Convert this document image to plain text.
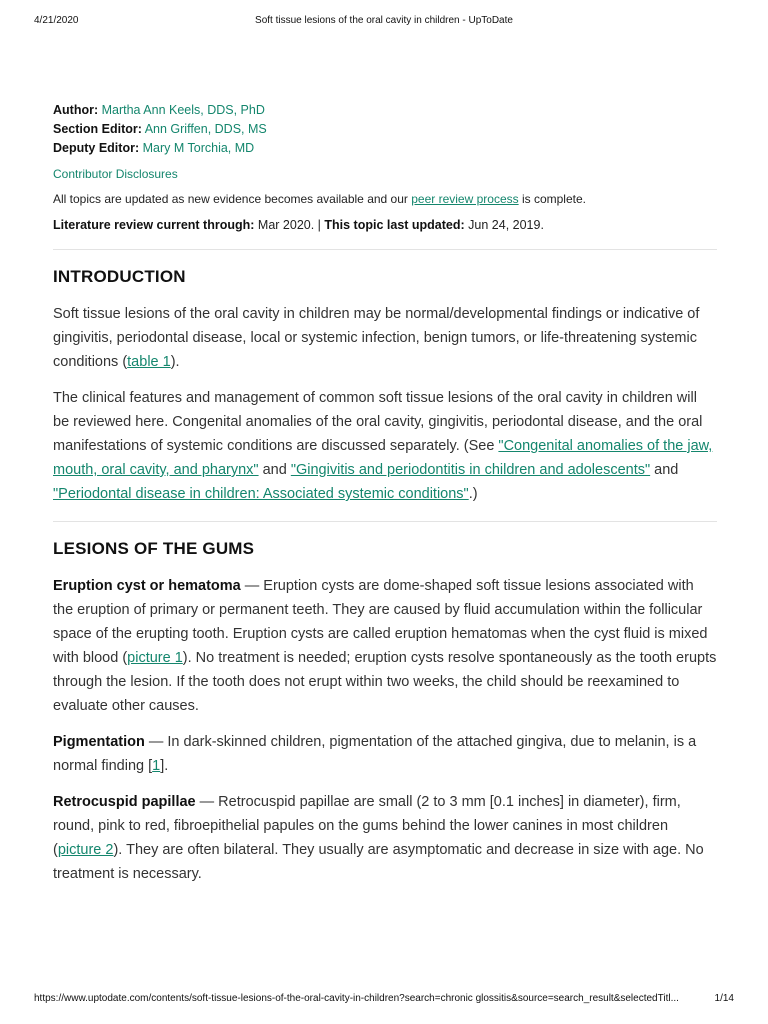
4/21/2020	Soft tissue lesions of the oral cavity in children - UpToDate
Author: Martha Ann Keels, DDS, PhD
Section Editor: Ann Griffen, DDS, MS
Deputy Editor: Mary M Torchia, MD
Contributor Disclosures
All topics are updated as new evidence becomes available and our peer review process is complete.
Literature review current through: Mar 2020. | This topic last updated: Jun 24, 2019.
INTRODUCTION

Soft tissue lesions of the oral cavity in children may be normal/developmental findings or indicative of gingivitis, periodontal disease, local or systemic infection, benign tumors, or life-threatening systemic conditions (table 1).

The clinical features and management of common soft tissue lesions of the oral cavity in children will be reviewed here. Congenital anomalies of the oral cavity, gingivitis, periodontal disease, and the oral manifestations of systemic conditions are discussed separately. (See "Congenital anomalies of the jaw, mouth, oral cavity, and pharynx" and "Gingivitis and periodontitis in children and adolescents" and "Periodontal disease in children: Associated systemic conditions".)

LESIONS OF THE GUMS

Eruption cyst or hematoma — Eruption cysts are dome-shaped soft tissue lesions associated with the eruption of primary or permanent teeth. They are caused by fluid accumulation within the follicular space of the erupting tooth. Eruption cysts are called eruption hematomas when the cyst fluid is mixed with blood (picture 1). No treatment is needed; eruption cysts resolve spontaneously as the tooth erupts through the lesion. If the tooth does not erupt within two weeks, the child should be reexamined to evaluate other causes.

Pigmentation — In dark-skinned children, pigmentation of the attached gingiva, due to melanin, is a normal finding [1].

Retrocuspid papillae — Retrocuspid papillae are small (2 to 3 mm [0.1 inches] in diameter), firm, round, pink to red, fibroepithelial papules on the gums behind the lower canines in most children (picture 2). They are often bilateral. They usually are asymptomatic and decrease in size with age. No treatment is necessary.

https://www.uptodate.com/contents/soft-tissue-lesions-of-the-oral-cavity-in-children?search=chronic glossitis&source=search_result&selectedTitl...	1/14
